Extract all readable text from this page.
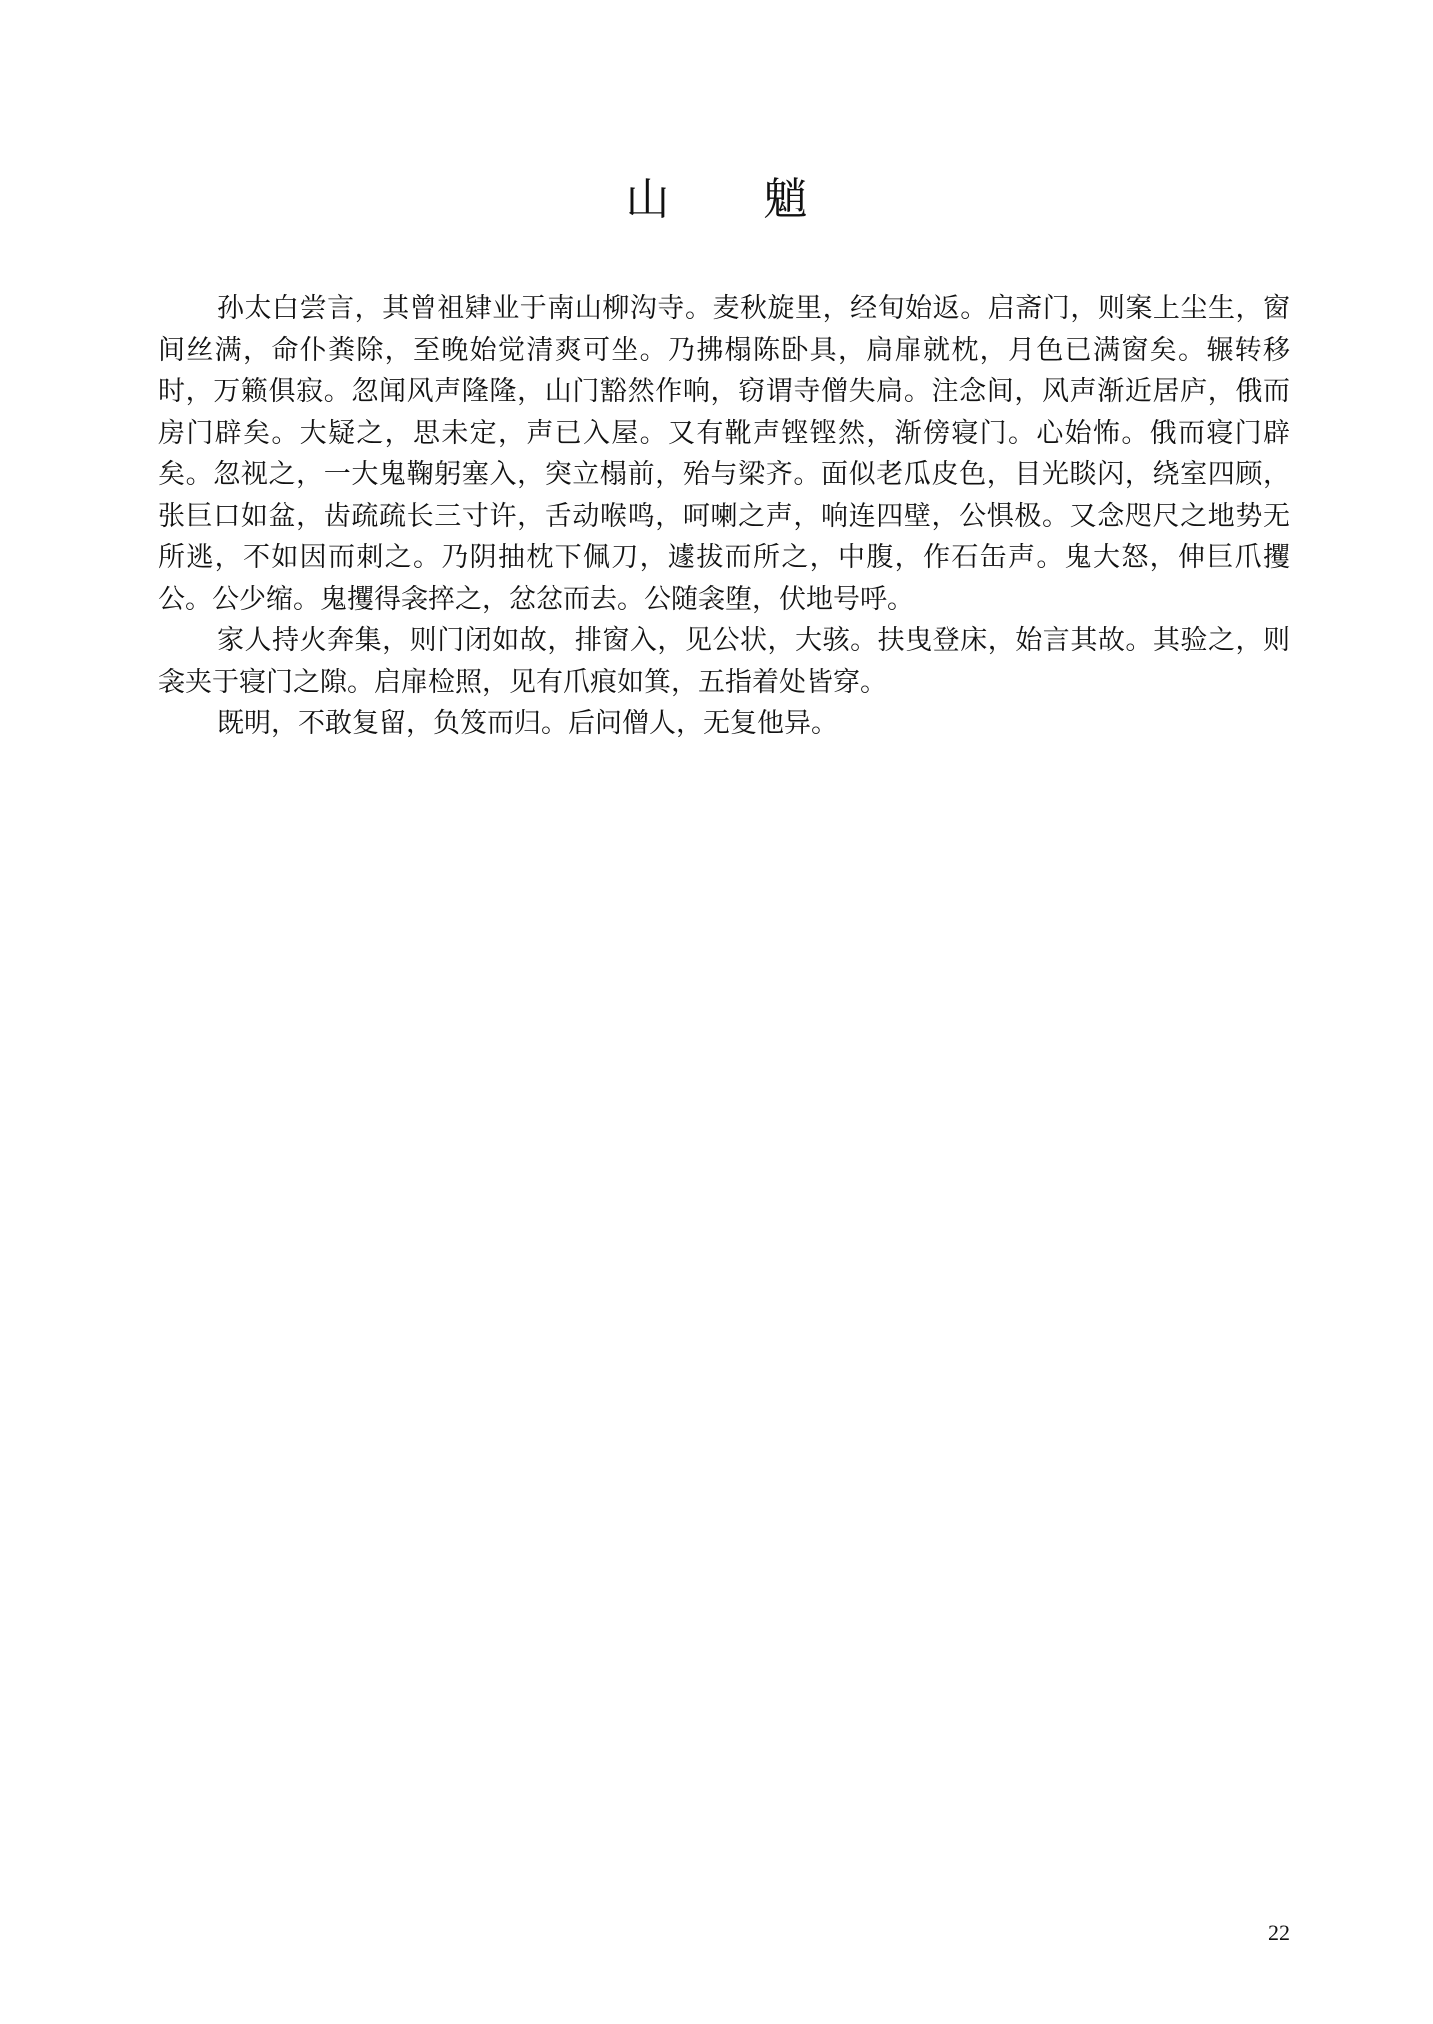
山 魈

孙太白尝言，其曾祖肄业于南山柳沟寺。麦秋旋里，经旬始返。启斋门，则案上尘生，窗间丝满，命仆粪除，至晚始觉清爽可坐。乃拂榻陈卧具，扃扉就枕，月色已满窗矣。辗转移时，万籁俱寂。忽闻风声隆隆，山门豁然作响，窃谓寺僧失扃。注念间，风声渐近居庐，俄而房门辟矣。大疑之，思未定，声已入屋。又有靴声铿铿然，渐傍寝门。心始怖。俄而寝门辟矣。忽视之，一大鬼鞠躬塞入，突立榻前，殆与梁齐。面似老瓜皮色，目光睒闪，绕室四顾，张巨口如盆，齿疏疏长三寸许，舌动喉鸣，呵喇之声，响连四壁，公惧极。又念咫尺之地势无所逃，不如因而刺之。乃阴抽枕下佩刀，遽拔而所之，中腹，作石缶声。鬼大怒，伸巨爪攫公。公少缩。鬼攫得衾捽之，忿忿而去。公随衾堕，伏地号呼。

家人持火奔集，则门闭如故，排窗入，见公状，大骇。扶曳登床，始言其故。其验之，则衾夹于寝门之隙。启扉检照，见有爪痕如箕，五指着处皆穿。

既明，不敢复留，负笈而归。后问僧人，无复他异。

22
